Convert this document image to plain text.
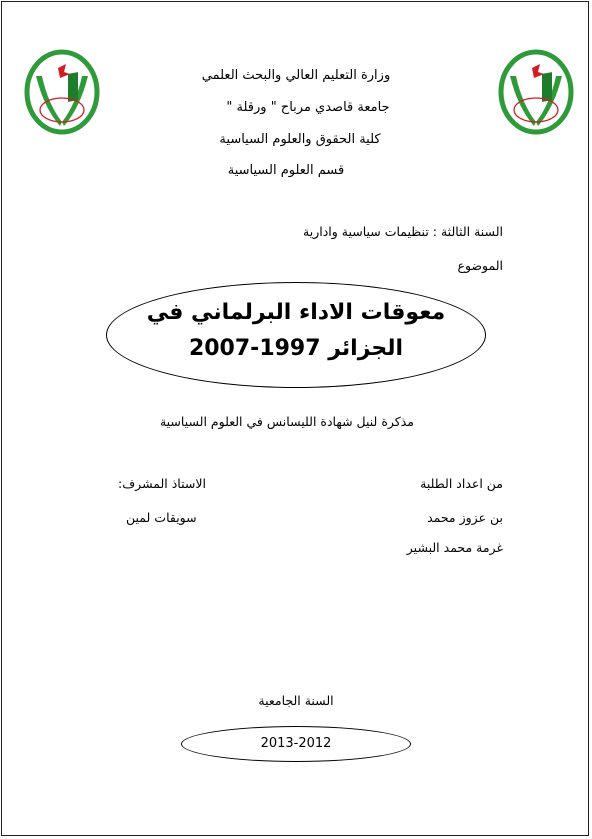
وزارة التعليم العالي والبحث العلمي
جامعة قاصدي مرباح " ورقلة "
كلية الحقوق والعلوم السياسية
قسم العلوم السياسية
السنة الثالثة : تنظيمات سياسية وادارية
الموضوع
معوقات الاداء البرلماني في
الجزائر 1997-2007
مذكرة لنيل شهادة الليسانس في العلوم السياسية
من اعداد الطلبة
بن عزوز محمد
غرمة محمد البشير
الاستاذ المشرف:
سويقات لمين
السنة الجامعية
2013-2012
